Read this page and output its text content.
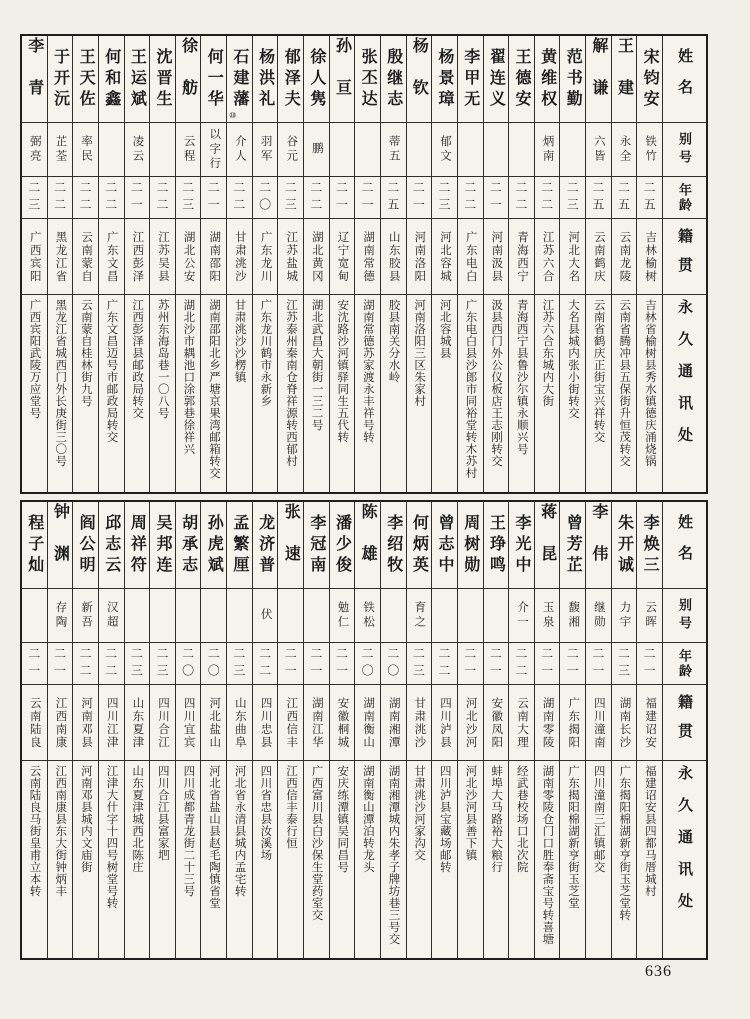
姓名
别号
年龄
籍贯
永久通讯处
宋钧安
铁竹
二五
吉林榆树
吉林省榆树县秀水镇德庆涌烧锅
王建
永全
二五
云南龙陵
云南省腾冲县五保街升恒茂转交
解谦
六皆
二五
云南鹤庆
云南省鹤庆正街宝兴祥转交
范书勤
二三
河北大名
大名县城内张小街转交
黄维权
炳南
二二
江苏六合
江苏六合东城内大街
王德安
二二
青海西宁
青海西宁县鲁沙尔镇永顺兴号
翟连义
二一
河南汲县
汲县西门外公仪板店王志刚转交
李甲无
二二
广东电白
广东电白县沙郎市同裕堂转木苏村
杨景璋
郁文
二三
河北容城
河北容城县
杨钦
二一
河南洛阳
河南洛阳三区朱家村
殷继志
蒂五
二五
山东胶县
胶县南关分水岭
张丕达
二一
湖南常德
湖南常德苏家渡永丰祥号转
孙亘
二一
辽宁宽甸
安沈路沙河镇驿同生五代转
徐人隽
鹏
二二
湖北黄冈
湖北武昌大朝街一三二号
郁泽夫
谷元
二三
江苏盐城
江苏泰州秦南仓脊祥源转西郁村
杨洪礼
羽军
二〇
广东龙川
广东龙川鹤市永新乡
石建藩
⑩
介人
二二
甘肃洮沙
甘肃洮沙沙楞镇
何一华
以字行
二一
湖南邵阳
湖南邵阳北乡严塘京果湾邮箱转交
徐舫
云程
二三
湖北公安
湖北沙市耦池口涂郭巷徐祥兴
沈晋生
二二
江苏吴县
苏州东海岛巷一〇八号
王运斌
凌云
二一
江西彭泽
江西彭泽县邮政局转交
何和鑫
二二
广东文昌
广东文昌迈号市邮政局转交
王天佐
率民
二二
云南蒙自
云南蒙自桂林街九号
于开沅
芷荃
二二
黑龙江省
黑龙江省城西门外长庚街三〇号
李青
弼亮
二三
广西宾阳
广西宾阳武陵万应堂号
姓名
别号
年龄
籍贯
永久通讯处
李焕三
云晖
二一
福建诏安
福建诏安县四都马厝城村
朱开诚
力宇
二三
湖南长沙
广东揭阳棉湖新亨街玉芝堂转
李伟
继勋
二一
四川潼南
四川潼南三汇镇邮交
曾芳芷
馥湘
二一
广东揭阳
广东揭阳棉湖新亨街玉芝堂
蒋昆
玉泉
二一
湖南零陵
湖南零陵仓门口胜奉斋宝号转喜塘
李光中
介一
二二
云南大理
经武巷校场口北次院
王琤鸣
二一
安徽凤阳
蚌埠大马路裕大粮行
周树勋
二一
河北沙河
河北沙河县善下镇
曾志中
二二
四川泸县
四川泸县宝藏场邮转
何炳英
育之
二三
甘肃洮沙
甘肃洮沙河家沟交
李绍牧
二〇
湖南湘潭
湖南湘潭城内朱孝子牌坊巷三号交
陈雄
铁松
二〇
湖南衡山
湖南衡山潭泊转龙头
潘少俊
勉仁
二一
安徽桐城
安庆练潭镇吴同昌号
李冠南
二一
湖南江华
广西富川县白沙保生堂药室交
张速
二一
江西信丰
江西信丰泰行恒
龙济普
伏
二二
四川忠县
四川省忠县汝溪场
孟繁厘
二三
山东曲阜
河北省永清县城内孟宅转
孙虎斌
二〇
河北盐山
河北省盐山县赵毛陶慎省堂
胡承志
二〇
四川宜宾
四川成都青龙街二十三号
吴邦连
二三
四川合江
四川合江县富家垇
周祥符
二三
山东夏津
山东夏津城西北陈庄
邱志云
汉超
二二
四川江津
江津大什字十四号树堂号转
阎公明
新吾
二二
河南邓县
河南邓县城内文庙街
钟渊
存陶
二一
江西南康
江西南康县东大街钟炳丰
程子灿
二一
云南陆良
云南陆良马街皇甫立本转
636
